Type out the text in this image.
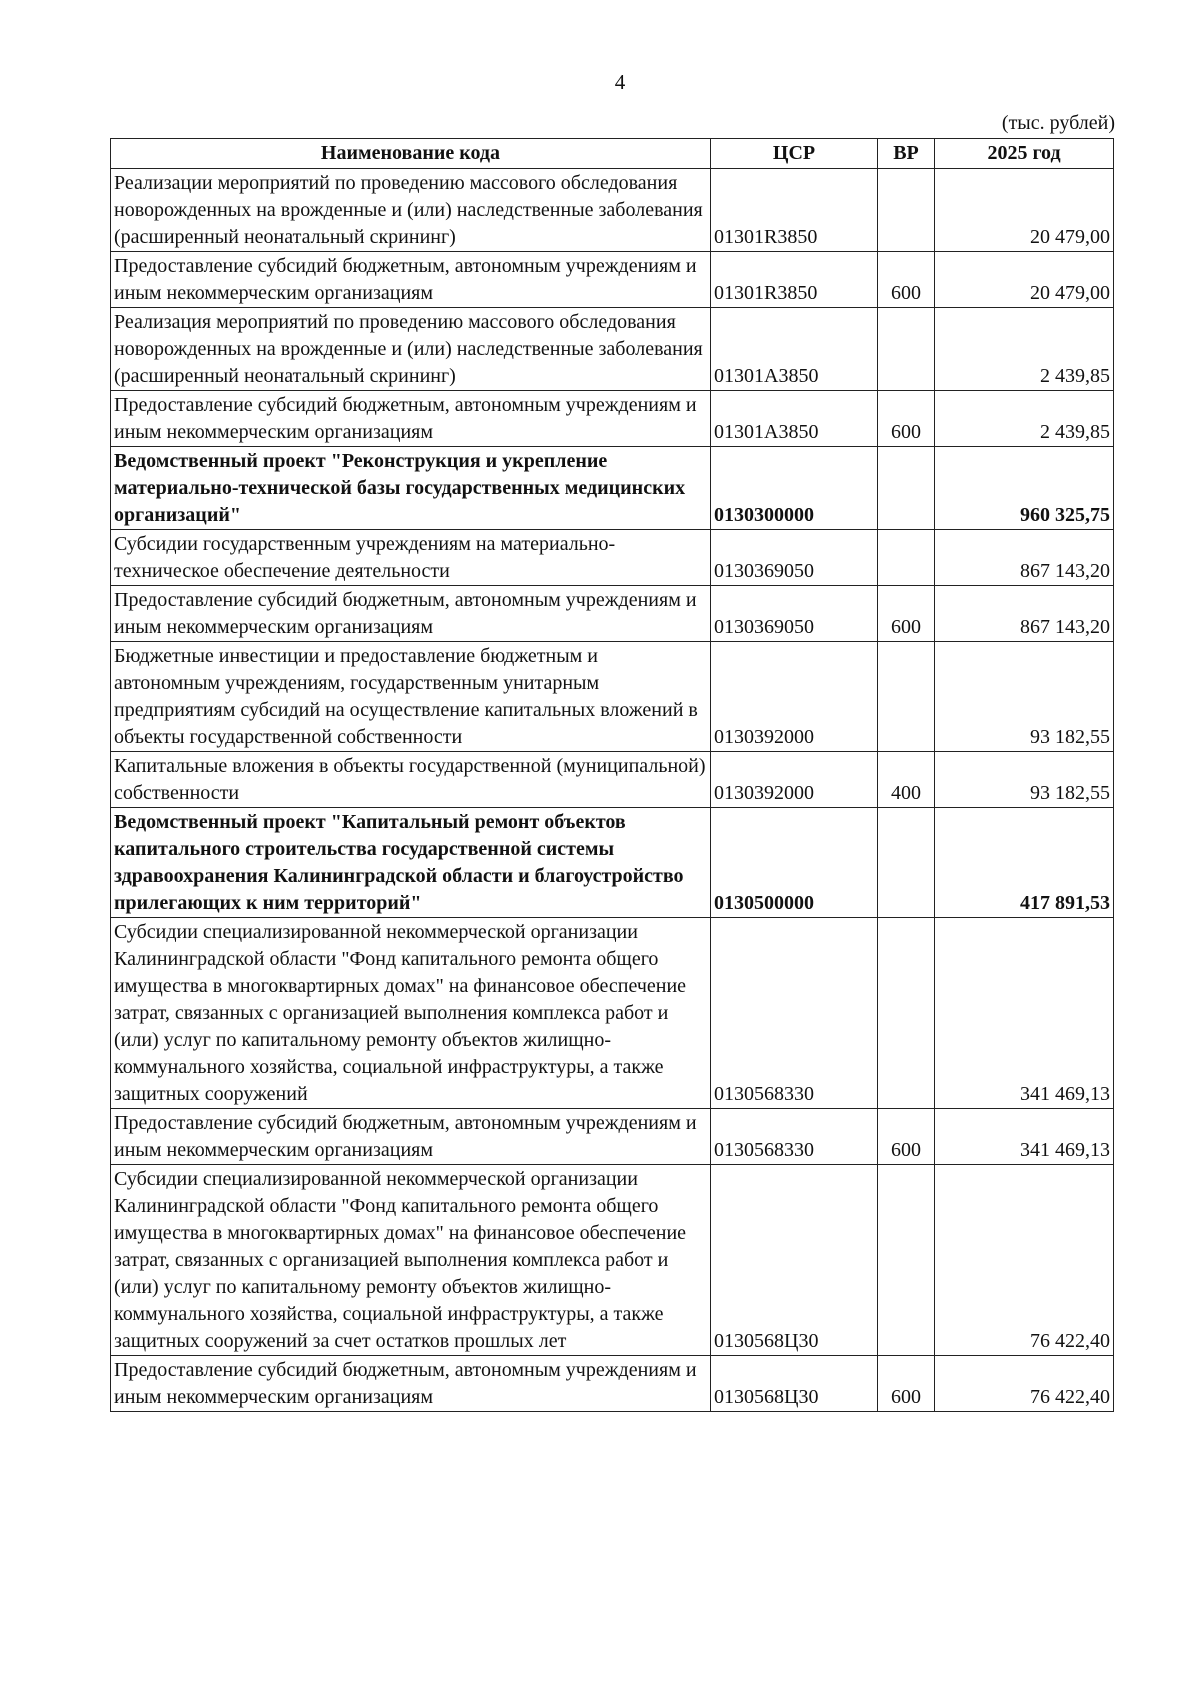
4
(тыс. рублей)
Наименование кода	ЦСР	ВР	2025 год
Реализации мероприятий по проведению массового обследования новорожденных на врожденные и (или) наследственные заболевания (расширенный неонатальный скрининг)	01301R3850		20 479,00
Предоставление субсидий бюджетным, автономным учреждениям и иным некоммерческим организациям	01301R3850	600	20 479,00
Реализация мероприятий по проведению массового обследования новорожденных на врожденные и (или) наследственные заболевания (расширенный неонатальный скрининг)	01301А3850		2 439,85
Предоставление субсидий бюджетным, автономным учреждениям и иным некоммерческим организациям	01301А3850	600	2 439,85
Ведомственный проект "Реконструкция и укрепление материально-технической базы государственных медицинских организаций"	0130300000		960 325,75
Субсидии государственным учреждениям на материально-техническое обеспечение деятельности	0130369050		867 143,20
Предоставление субсидий бюджетным, автономным учреждениям и иным некоммерческим организациям	0130369050	600	867 143,20
Бюджетные инвестиции и предоставление бюджетным и автономным учреждениям, государственным унитарным предприятиям субсидий на осуществление капитальных вложений в объекты государственной собственности	0130392000		93 182,55
Капитальные вложения в объекты государственной (муниципальной) собственности	0130392000	400	93 182,55
Ведомственный проект "Капитальный ремонт объектов капитального строительства государственной системы здравоохранения Калининградской области и благоустройство прилегающих к ним территорий"	0130500000		417 891,53
Субсидии специализированной некоммерческой организации Калининградской области "Фонд капитального ремонта общего имущества в многоквартирных домах" на финансовое обеспечение затрат, связанных с организацией выполнения комплекса работ и (или) услуг по капитальному ремонту объектов жилищно-коммунального хозяйства, социальной инфраструктуры, а также защитных сооружений	0130568330		341 469,13
Предоставление субсидий бюджетным, автономным учреждениям и иным некоммерческим организациям	0130568330	600	341 469,13
Субсидии специализированной некоммерческой организации Калининградской области "Фонд капитального ремонта общего имущества в многоквартирных домах" на финансовое обеспечение затрат, связанных с организацией выполнения комплекса работ и (или) услуг по капитальному ремонту объектов жилищно-коммунального хозяйства, социальной инфраструктуры, а также защитных сооружений за счет остатков прошлых лет	0130568Ц30		76 422,40
Предоставление субсидий бюджетным, автономным учреждениям и иным некоммерческим организациям	0130568Ц30	600	76 422,40
